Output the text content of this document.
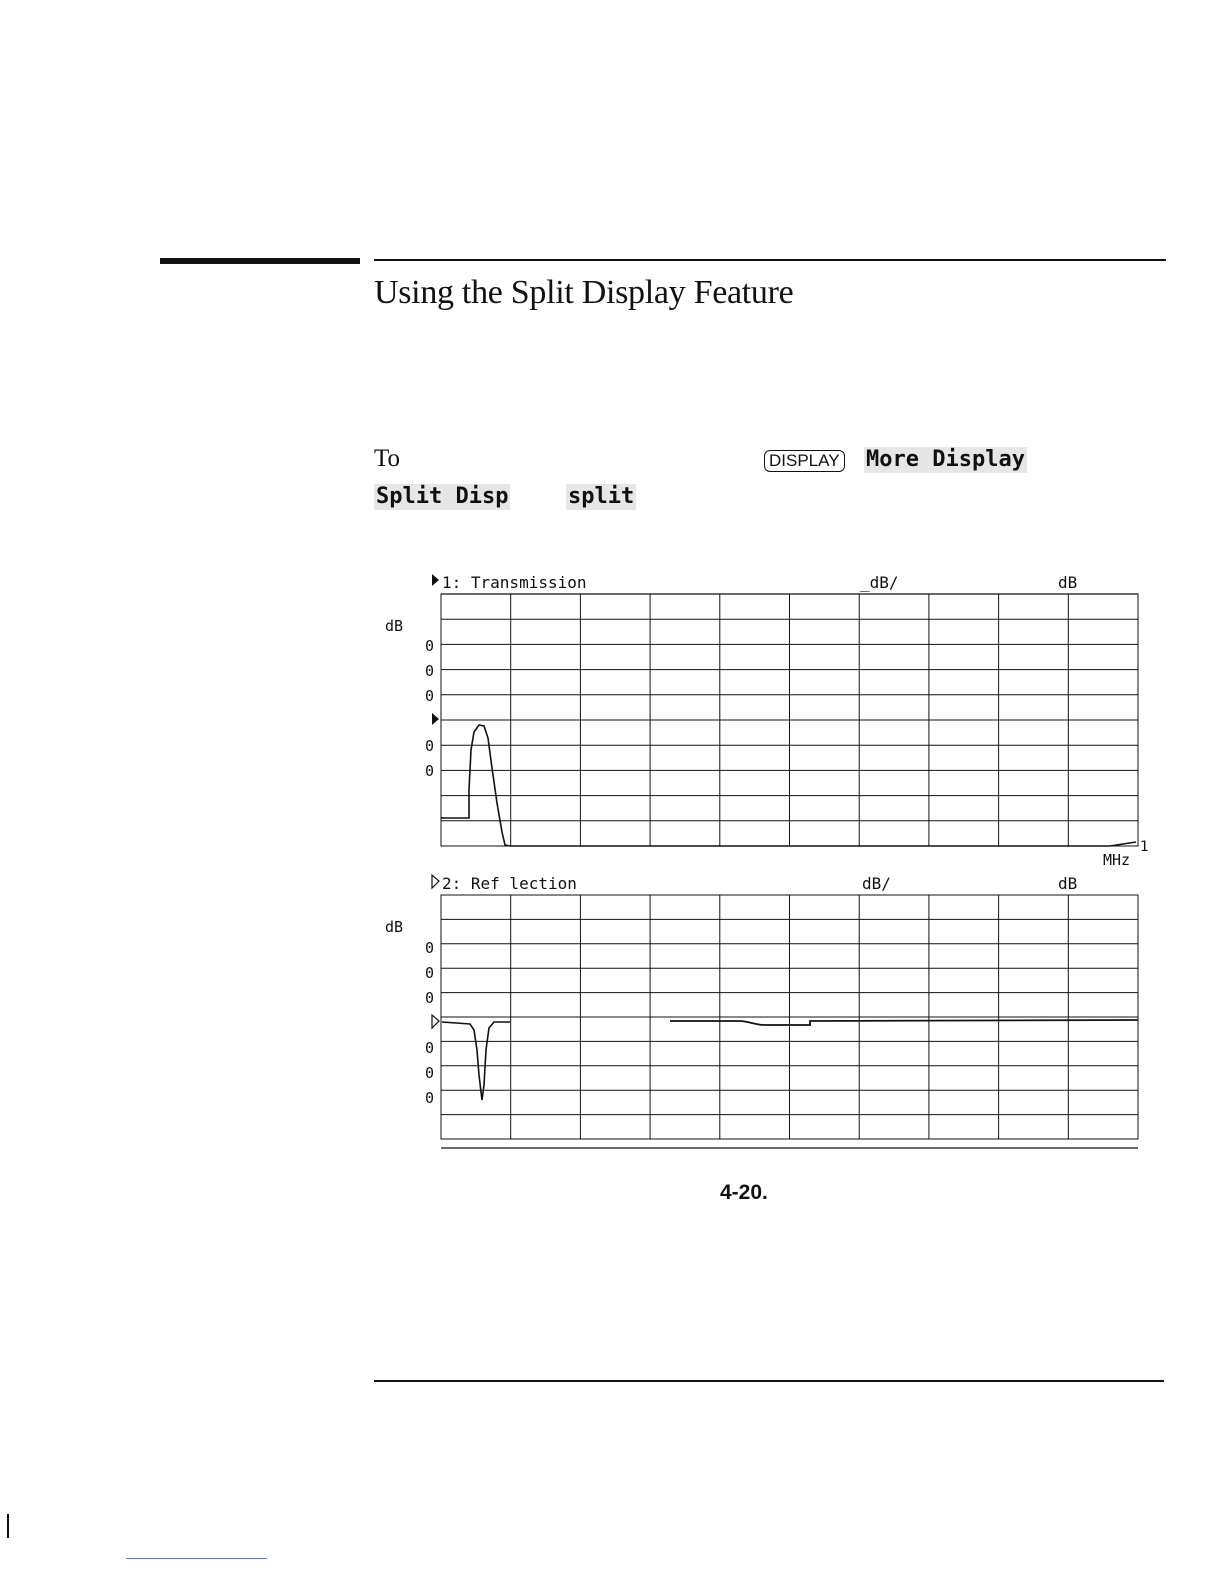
Using the Split Display Feature
To	DISPLAY More Display
Split Disp	split
1: Transmission	_dB/	dB
dB
0
0
0
0
0
1
MHz
2: Ref lection	dB/	dB
dB
0
0
0
0
0
0
4-20.
